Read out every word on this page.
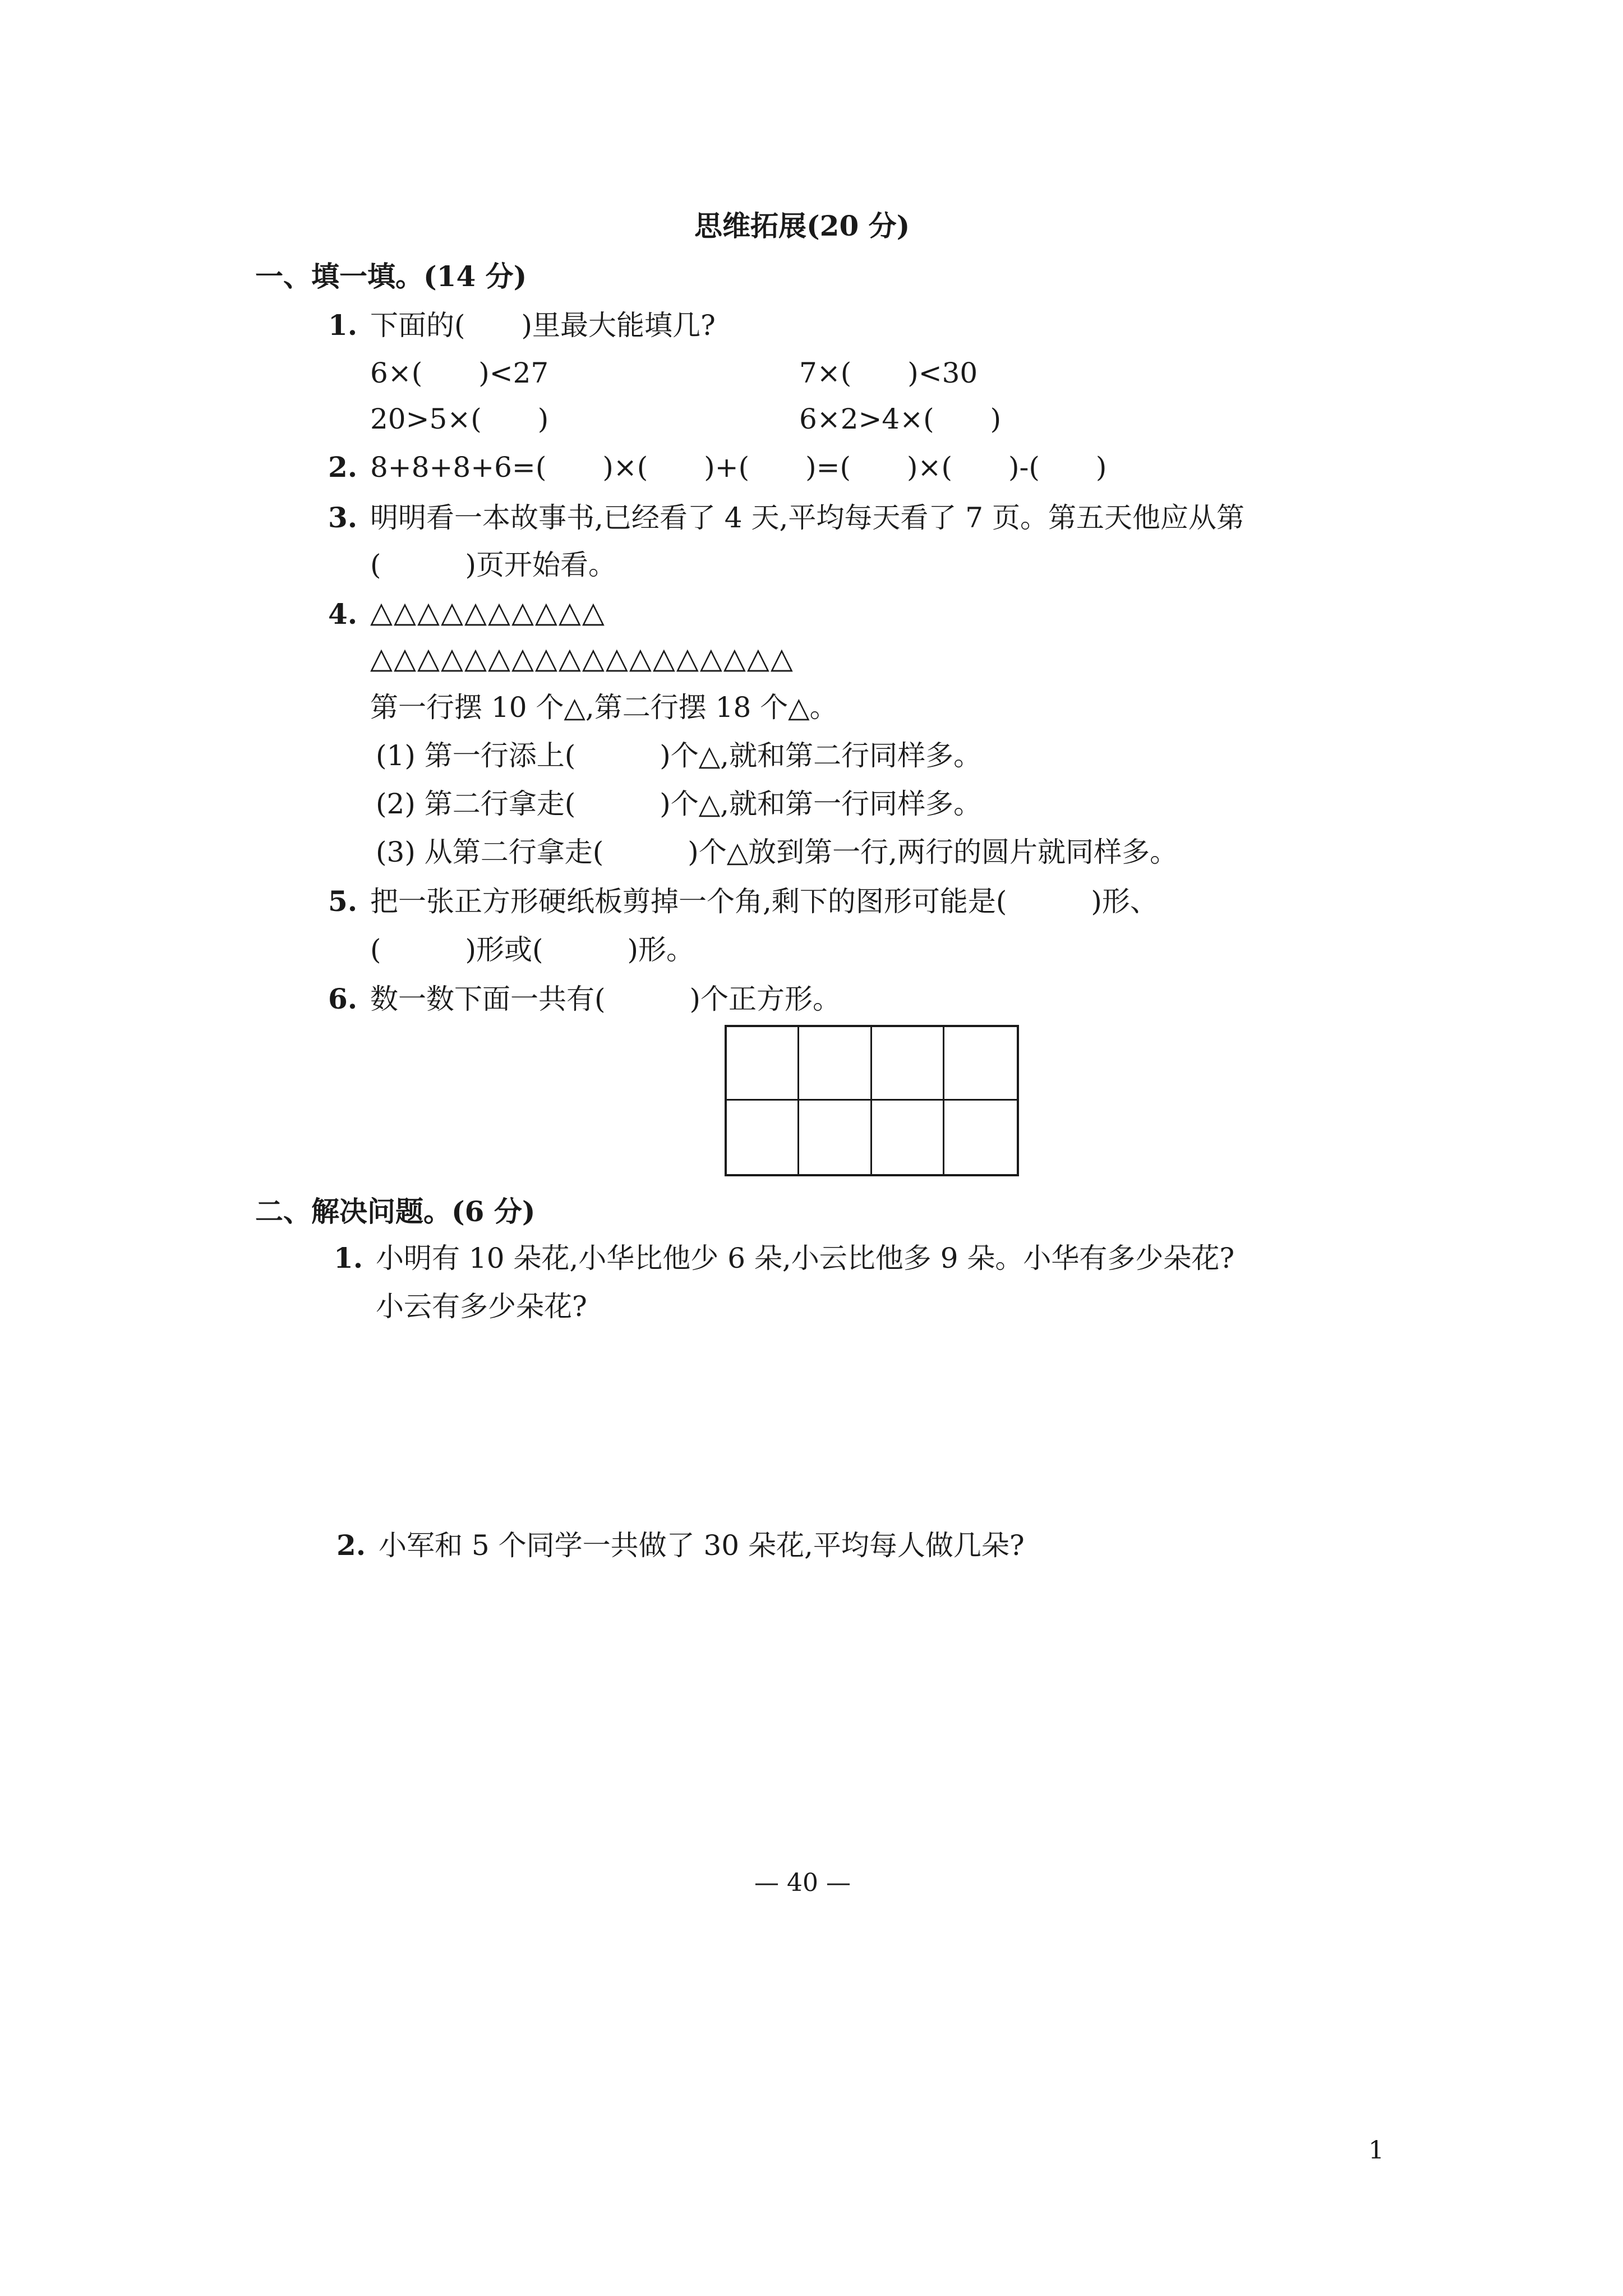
思维拓展(20 分)
一、填一填。(14 分)
1. 下面的(　　)里最大能填几?
6×(　　)<27	7×(　　)<30
20>5×(　　)	6×2>4×(　　)
2. 8+8+8+6=(　　)×(　　)+(　　)=(　　)×(　　)-(　　)
3. 明明看一本故事书,已经看了 4 天,平均每天看了 7 页。第五天他应从第
(　　　)页开始看。
4. △△△△△△△△△△
△△△△△△△△△△△△△△△△△△
第一行摆 10 个△,第二行摆 18 个△。
(1) 第一行添上(　　　)个△,就和第二行同样多。
(2) 第二行拿走(　　　)个△,就和第一行同样多。
(3) 从第二行拿走(　　　)个△放到第一行,两行的圆片就同样多。
5. 把一张正方形硬纸板剪掉一个角,剩下的图形可能是(　　　)形、
(　　　)形或(　　　)形。
6. 数一数下面一共有(　　　)个正方形。
二、解决问题。(6 分)
1. 小明有 10 朵花,小华比他少 6 朵,小云比他多 9 朵。小华有多少朵花?
小云有多少朵花?
2. 小军和 5 个同学一共做了 30 朵花,平均每人做几朵?
— 40 —
1
